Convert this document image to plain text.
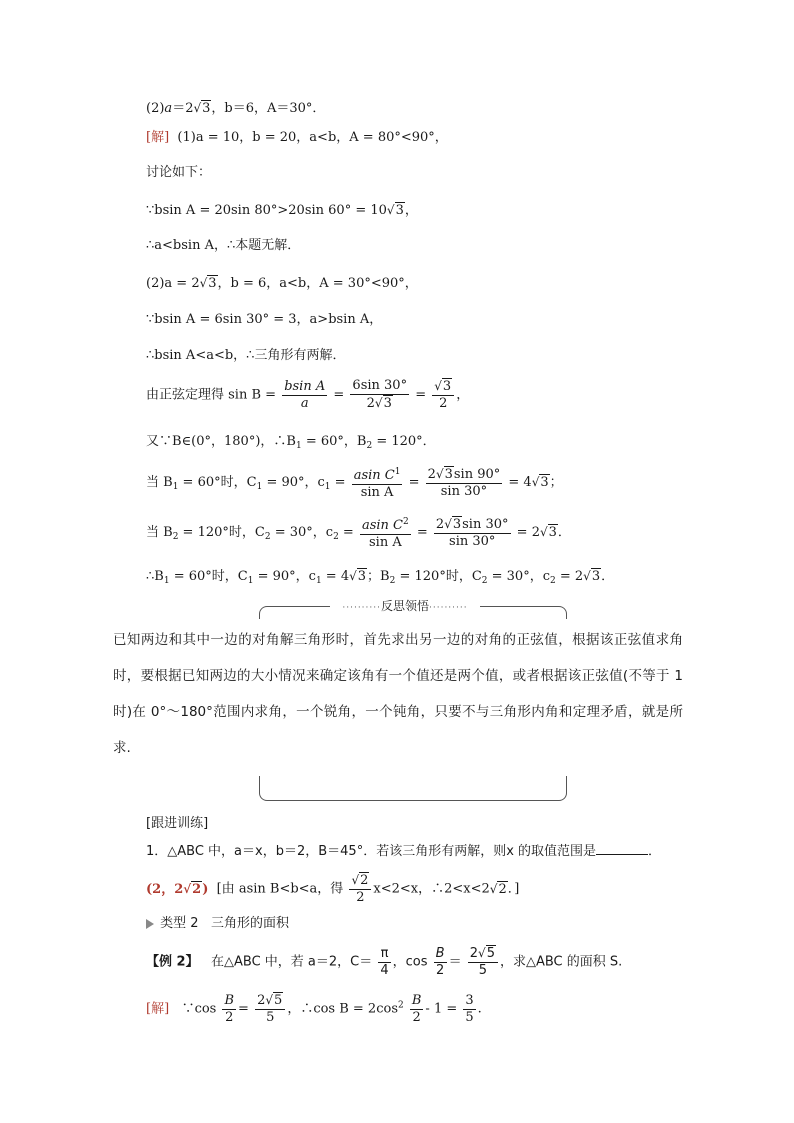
(2)a＝2√3，b＝6，A＝30°．
[解] (1)a = 10，b = 20，a<b，A = 80°<90°，
讨论如下：
∵bsin A = 20sin 80°>20sin 60° = 10√3，
∴a<bsin A，∴本题无解．
(2)a = 2√3，b = 6，a<b，A = 30°<90°，
∵bsin A = 6sin 30° = 3，a>bsin A，
∴bsin A<a<b，∴三角形有两解．
由正弦定理得 $\sin B = \frac{\text{bsin A}}{a} = \frac{6\sin 30^\circ}{2√3} = \frac{√3}{2}$ ，
又∵B∈(0°，180°)，$\therefore B_1 = 60^\circ$，$B_2 = 120^\circ$．
当 $B_1 = 60^\circ$时，$C_1 = 90^\circ$，$c_1 = \frac{asin C^1}{\text{sin A}} = \frac{2√3\sin 90^\circ}{\sin 30^\circ} = 4√3$；
当 $B_2 = 120^\circ$时，$C_2 = 30^\circ$，$c_2 = \frac{asin C^2}{\text{sin A}} = \frac{2√3\sin 30^\circ}{\sin 30^\circ} = 2√3$．
$\therefore B_1 = 60^\circ$时，$C_1 = 90^\circ$，$c_1 = 4√3$；$B_2 = 120^\circ$时，$C_2 = 30^\circ$，$c_2 = 2√3$．
··········反思领悟··········
已知两边和其中一边的对角解三角形时，首先求出另一边的对角的正弦值，根据该正弦值求角时，要根据已知两边的大小情况来确定该角有一个值还是两个值，或者根据该正弦值(不等于 1 时)在 0°～180°范围内求角，一个锐角，一个钝角，只要不与三角形内角和定理矛盾，就是所求.
[跟进训练]
1．△ABC 中，a＝x，b＝2，B＝45°．若该三角形有两解，则x 的取值范围是	．
(2，2√2) [由 asin B<b<a，得 $\frac{√2}{2} x<2<x$，∴2<x<2√2．]
类型 2 三角形的面积
【例 2】 在△ABC 中，若 a＝2，$C= \frac{\pi}{4}$ ，$\cos \frac{B}{2} = \frac{2√5}{5}$ ，求△ABC 的面积 S.
[解] ∵cos $\frac{B}{2} = \frac{2√5}{5}$ ，∴cos $B = 2\cos^2 \frac{B}{2} - 1 = \frac{3}{5}$ .
